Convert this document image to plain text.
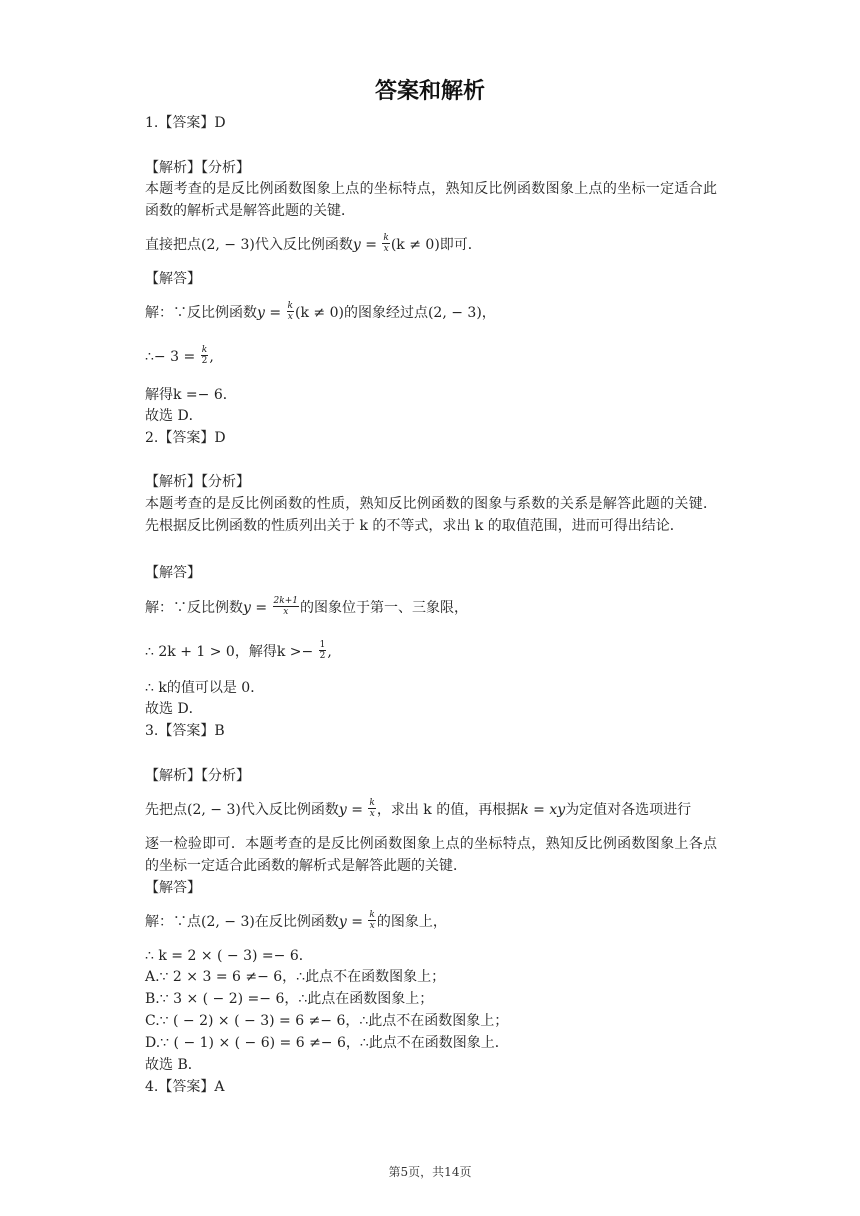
答案和解析
1.【答案】D
【解析】【分析】
本题考查的是反比例函数图象上点的坐标特点，熟知反比例函数图象上点的坐标一定适合此函数的解析式是解答此题的关键．
直接把点(2, − 3)代入反比例函数$y = \frac{k}{x} (k \ne 0)$即可．
【解答】
解：∵反比例函数$y = \frac{k}{x} (k \ne 0)$的图象经过点(2, − 3)，
∴− $3 = \frac{k}{2}$ ,
解得k =− 6．
故选 D．
2.【答案】D
【解析】【分析】
本题考查的是反比例函数的性质，熟知反比例函数的图象与系数的关系是解答此题的关键．先根据反比例函数的性质列出关于 k 的不等式，求出 k 的取值范围，进而可得出结论．
【解答】
解：∵反比例数$y = \frac{2k+1}{x}$ 的图象位于第一、三象限，
∴ 2k + 1 > 0，解得$k >- \frac{1}{2}$ ,
∴ k的值可以是 0．
故选 D．
3.【答案】B
【解析】【分析】
先把点(2, − 3)代入反比例函数$y = \frac{k}{x}$ ，求出 k 的值，再根据k = xy为定值对各选项进行
逐一检验即可．本题考查的是反比例函数图象上点的坐标特点，熟知反比例函数图象上各点的坐标一定适合此函数的解析式是解答此题的关键．
【解答】
解：∵点(2, − 3)在反比例函数$y = \frac{k}{x}$ 的图象上，
∴ k = 2 × ( − 3) =− 6．
A.∵ 2 × 3 = 6 ≠− 6，∴此点不在函数图象上；
B.∵ 3 × ( − 2) =− 6，∴此点在函数图象上；
C.∵ ( − 2) × ( − 3) = 6 ≠− 6，∴此点不在函数图象上；
D.∵ ( − 1) × ( − 6) = 6 ≠− 6，∴此点不在函数图象上．
故选 B．
4.【答案】A
第5页，共14页
